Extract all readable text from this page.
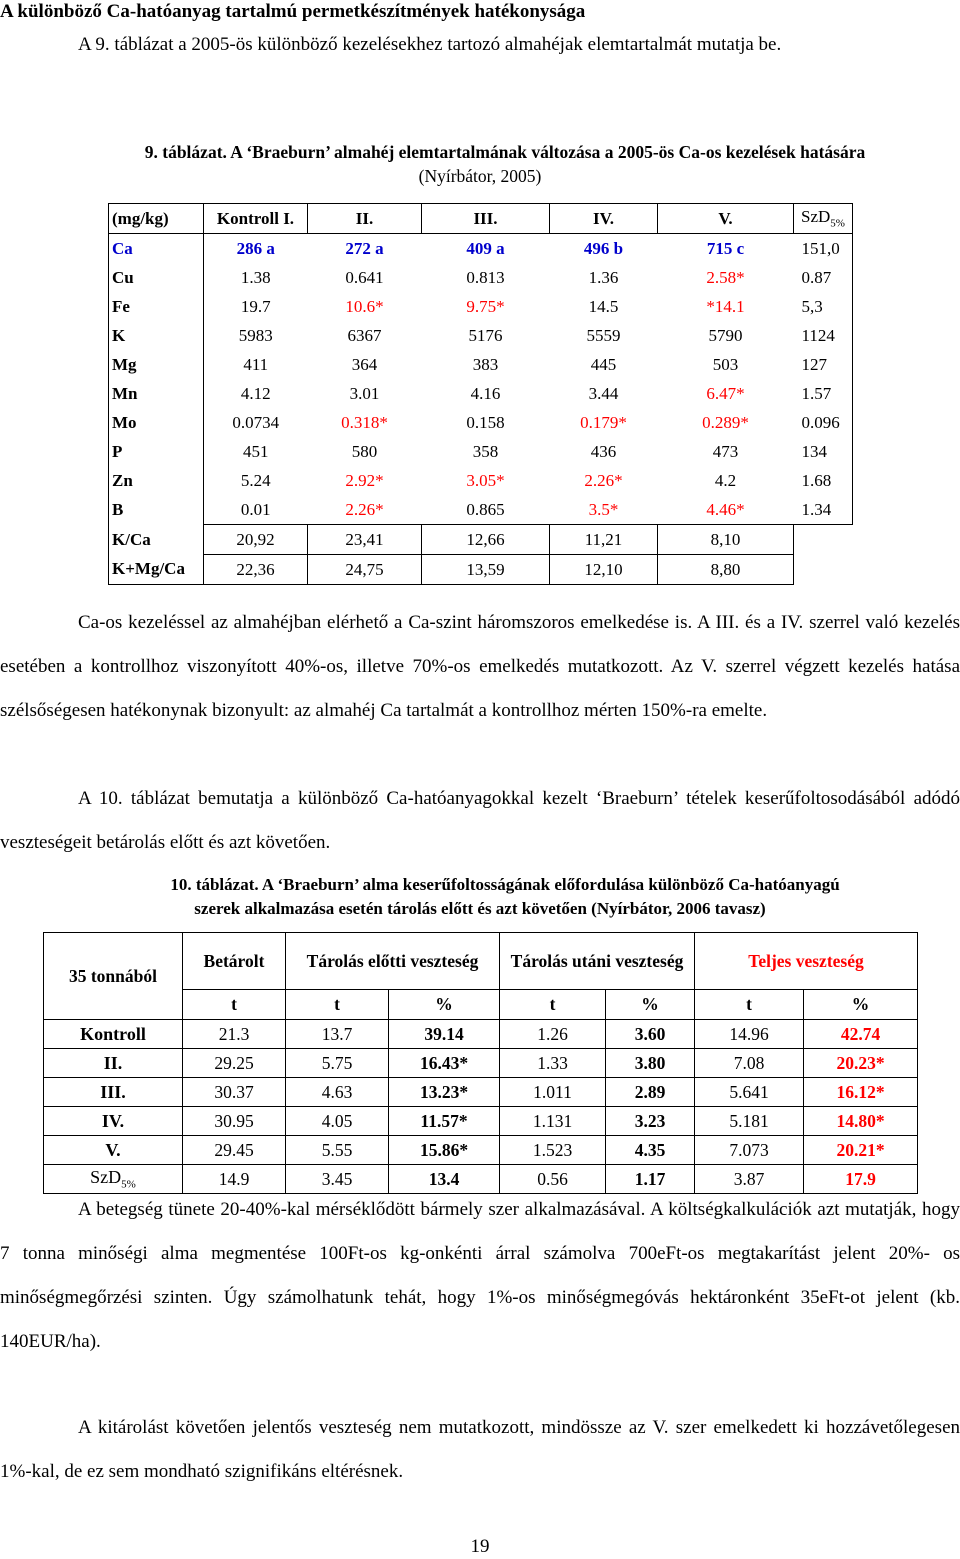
A különböző Ca-hatóanyag tartalmú permetkészítmények hatékonysága

A 9. táblázat a 2005-ös különböző kezelésekhez tartozó almahéjak elemtartalmát mutatja be.

9. táblázat. A ‘Braeburn’ almahéj elemtartalmának változása a 2005-ös Ca-os kezelések hatására
(Nyírbátor, 2005)
(mg/kg)	Kontroll I.	II.	III.	IV.	V.	SzD$_{5\%}$
Ca	286 a	272 a	409 a	496 b	715 c	151,0
Cu	1.38	0.641	0.813	1.36	2.58*	0.87
Fe	19.7	10.6*	9.75*	14.5	*14.1	5,3
K	5983	6367	5176	5559	5790	1124
Mg	411	364	383	445	503	127
Mn	4.12	3.01	4.16	3.44	6.47*	1.57
Mo	0.0734	0.318*	0.158	0.179*	0.289*	0.096
P	451	580	358	436	473	134
Zn	5.24	2.92*	3.05*	2.26*	4.2	1.68
B	0.01	2.26*	0.865	3.5*	4.46*	1.34
K/Ca	20,92	23,41	12,66	11,21	8,10	
K+Mg/Ca	22,36	24,75	13,59	12,10	8,80	

Ca-os kezeléssel az almahéjban elérhető a Ca-szint háromszoros emelkedése is. A III. és a IV. szerrel való kezelés esetében a kontrollhoz viszonyított 40%-os, illetve 70%-os emelkedés mutatkozott. Az V. szerrel végzett kezelés hatása szélsőségesen hatékonynak bizonyult: az almahéj Ca tartalmát a kontrollhoz mérten 150%-ra emelte.

A 10. táblázat bemutatja a különböző Ca-hatóanyagokkal kezelt ‘Braeburn’ tételek keserűfoltosodásából adódó veszteségeit betárolás előtt és azt követően.

10. táblázat. A ‘Braeburn’ alma keserűfoltosságának előfordulása különböző Ca-hatóanyagú
szerek alkalmazása esetén tárolás előtt és azt követően (Nyírbátor, 2006 tavasz)
35 tonnából	Betárolt	Tárolás előtti veszteség		Tárolás utáni veszteség		Teljes veszteség	
	t	t	%	t	%	t	%
Kontroll	21.3	13.7	39.14	1.26	3.60	14.96	42.74
II.	29.25	5.75	16.43*	1.33	3.80	7.08	20.23*
III.	30.37	4.63	13.23*	1.011	2.89	5.641	16.12*
IV.	30.95	4.05	11.57*	1.131	3.23	5.181	14.80*
V.	29.45	5.55	15.86*	1.523	4.35	7.073	20.21*
SzD$_{5\%}$	14.9	3.45	13.4	0.56	1.17	3.87	17.9

A betegség tünete 20-40%-kal mérséklődött bármely szer alkalmazásával. A költségkalkulációk azt mutatják, hogy 7 tonna minőségi alma megmentése 100Ft-os kg-onkénti árral számolva 700eFt-os megtakarítást jelent 20%- os minőségmegőrzési szinten. Úgy számolhatunk tehát, hogy 1%-os minőségmegóvás hektáronként 35eFt-ot jelent (kb. 140EUR/ha).

A kitárolást követően jelentős veszteség nem mutatkozott, mindössze az V. szer emelkedett ki hozzávetőlegesen 1%-kal, de ez sem mondható szignifikáns eltérésnek.

19
